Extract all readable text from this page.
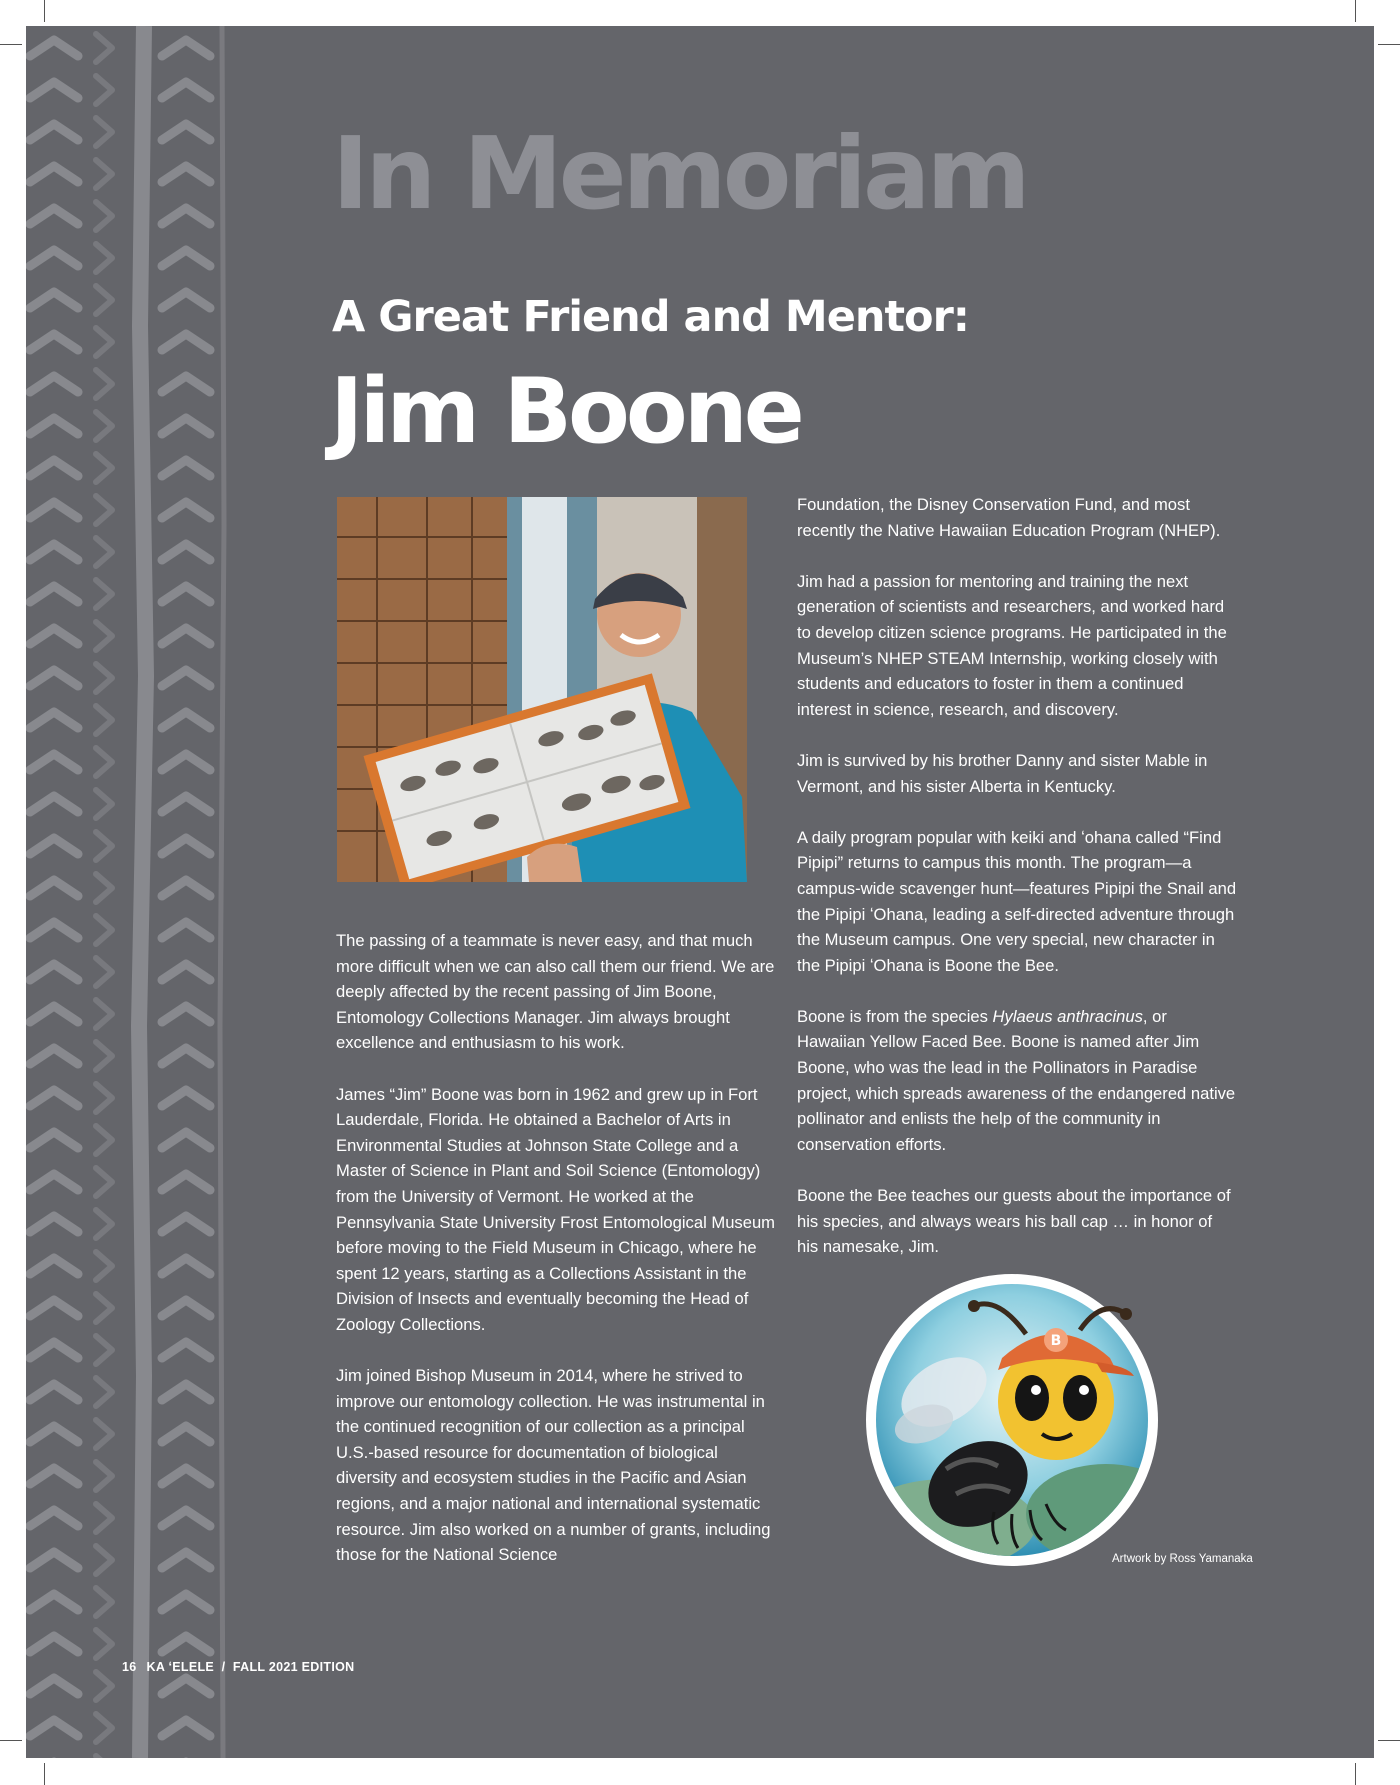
In Memoriam
A Great Friend and Mentor:
Jim Boone

The passing of a teammate is never easy, and that much more difficult when we can also call them our friend. We are deeply affected by the recent passing of Jim Boone, Entomology Collections Manager. Jim always brought excellence and enthusiasm to his work.

James “Jim” Boone was born in 1962 and grew up in Fort Lauderdale, Florida. He obtained a Bachelor of Arts in Environmental Studies at Johnson State College and a Master of Science in Plant and Soil Science (Entomology) from the University of Vermont. He worked at the Pennsylvania State University Frost Entomological Museum before moving to the Field Museum in Chicago, where he spent 12 years, starting as a Collections Assistant in the Division of Insects and eventually becoming the Head of Zoology Collections.

Jim joined Bishop Museum in 2014, where he strived to improve our entomology collection. He was instrumental in the continued recognition of our collection as a principal U.S.-based resource for documentation of biological diversity and ecosystem studies in the Pacific and Asian regions, and a major national and international systematic resource. Jim also worked on a number of grants, including those for the National Science

Foundation, the Disney Conservation Fund, and most recently the Native Hawaiian Education Program (NHEP).

Jim had a passion for mentoring and training the next generation of scientists and researchers, and worked hard to develop citizen science programs. He participated in the Museum’s NHEP STEAM Internship, working closely with students and educators to foster in them a continued interest in science, research, and discovery.

Jim is survived by his brother Danny and sister Mable in Vermont, and his sister Alberta in Kentucky.

A daily program popular with keiki and ʻohana called “Find Pipipi” returns to campus this month. The program—a campus-wide scavenger hunt—features Pipipi the Snail and the Pipipi ʻOhana, leading a self-directed adventure through the Museum campus. One very special, new character in the Pipipi ʻOhana is Boone the Bee.

Boone is from the species Hylaeus anthracinus, or Hawaiian Yellow Faced Bee. Boone is named after Jim Boone, who was the lead in the Pollinators in Paradise project, which spreads awareness of the endangered native pollinator and enlists the help of the community in conservation efforts.

Boone the Bee teaches our guests about the importance of his species, and always wears his ball cap … in honor of his namesake, Jim.

B
Artwork by Ross Yamanaka
16 KA ʻELELE  /  FALL 2021 EDITION
